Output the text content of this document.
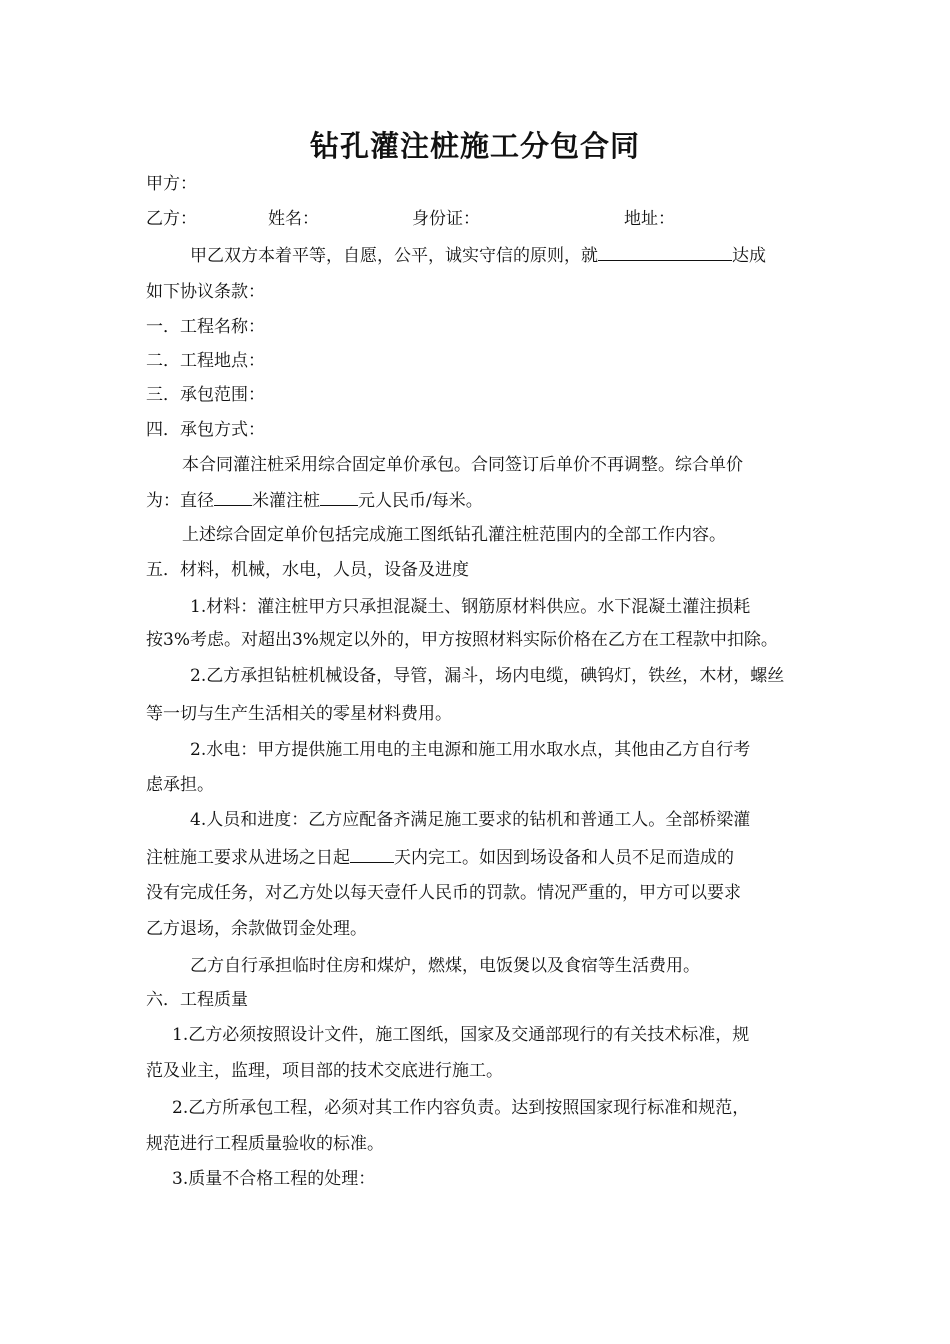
钻孔灌注桩施工分包合同
甲方：
乙方：	姓名：	身份证：	地址：
甲乙双方本着平等，自愿，公平，诚实守信的原则，就	达成
如下协议条款：
一．工程名称：
二．工程地点：
三．承包范围：
四．承包方式：
本合同灌注桩采用综合固定单价承包。合同签订后单价不再调整。综合单价
为：直径 米灌注桩 元人民币/每米。
上述综合固定单价包括完成施工图纸钻孔灌注桩范围内的全部工作内容。
五．材料，机械，水电，人员，设备及进度
1.材料：灌注桩甲方只承担混凝土、钢筋原材料供应。水下混凝土灌注损耗
按3%考虑。对超出3%规定以外的，甲方按照材料实际价格在乙方在工程款中扣除。
2.乙方承担钻桩机械设备，导管，漏斗，场内电缆，碘钨灯，铁丝，木材，螺丝
等一切与生产生活相关的零星材料费用。
2.水电：甲方提供施工用电的主电源和施工用水取水点，其他由乙方自行考
虑承担。
4.人员和进度：乙方应配备齐满足施工要求的钻机和普通工人。全部桥梁灌
注桩施工要求从进场之日起	天内完工。如因到场设备和人员不足而造成的
没有完成任务，对乙方处以每天壹仟人民币的罚款。情况严重的，甲方可以要求
乙方退场，余款做罚金处理。
乙方自行承担临时住房和煤炉，燃煤，电饭煲以及食宿等生活费用。
六．工程质量
1.乙方必须按照设计文件，施工图纸，国家及交通部现行的有关技术标准，规
范及业主，监理，项目部的技术交底进行施工。
2.乙方所承包工程，必须对其工作内容负责。达到按照国家现行标准和规范，
规范进行工程质量验收的标准。
3.质量不合格工程的处理：
